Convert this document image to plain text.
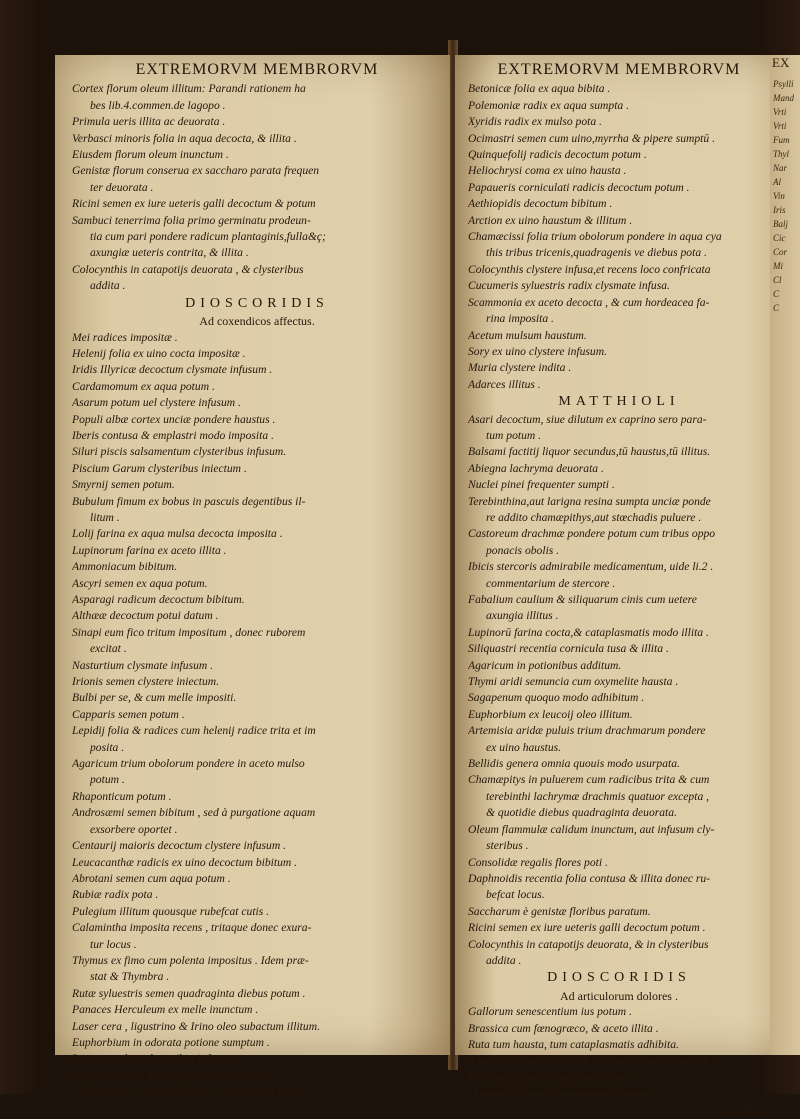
EX
Psylli
Mand
Vrti
Vrti
Fum
Thyl
Nar
Al
Vin
Iris
Balj
Cic
Cor
Mi
Cl
C
C
EXTREMORVM MEMBRORVM
Cortex florum oleum illitum: Parandi rationem ha
bes lib.4.commen.de lagopo .
Primula ueris illita ac deuorata .
Verbasci minoris folia in aqua decocta, & illita .
Eiusdem florum oleum inunctum .
Genistæ florum conserua ex saccharo parata frequen
ter deuorata .
Ricini semen ex iure ueteris galli decoctum & potum
Sambuci tenerrima folia primo germinatu prodeun-
tia cum pari pondere radicum plantaginis,fulla&ç;
axungiæ ueteris contrita, & illita .
Colocynthis in catapotijs deuorata , & clysteribus
addita .
DIOSCORIDIS
Ad coxendicos affectus.
Mei radices impositæ .
Helenij folia ex uino cocta impositæ .
Iridis Illyricæ decoctum clysmate infusum .
Cardamomum ex aqua potum .
Asarum potum uel clystere infusum .
Populi albæ cortex unciæ pondere haustus .
Iberis contusa & emplastri modo imposita .
Siluri piscis salsamentum clysteribus infusum.
Piscium Garum clysteribus iniectum .
Smyrnij semen potum.
Bubulum fimum ex bobus in pascuis degentibus il-
litum .
Lolij farina ex aqua mulsa decocta imposita .
Lupinorum farina ex aceto illita .
Ammoniacum bibitum.
Ascyri semen ex aqua potum.
Asparagi radicum decoctum bibitum.
Althææ decoctum potui datum .
Sinapi eum fico tritum impositum , donec ruborem
excitat .
Nasturtium clysmate infusum .
Irionis semen clystere iniectum.
Bulbi per se, & cum melle impositi.
Capparis semen potum .
Lepidij folia & radices cum helenij radice trita et im
posita .
Agaricum trium obolorum pondere in aceto mulso
potum .
Rhaponticum potum .
Androsæmi semen bibitum , sed à purgatione aquam
exsorbere oportet .
Centaurij maioris decoctum clystere infusum .
Leucacanthæ radicis ex uino decoctum bibitum .
Abrotani semen cum aqua potum .
Rubiæ radix pota .
Pulegium illitum quousque rubefcat cutis .
Calamintha imposita recens , tritaque donec exura-
tur locus .
Thymus ex fimo cum polenta impositus . Idem præ-
stat & Thymbra .
Rutæ syluestris semen quadraginta diebus potum .
Panaces Herculeum ex melle inunctum .
Laser cera , ligustrino & Irino oleo subactum illitum.
Euphorbium in odorata potione sumptum .
Leontopetalum clysteribus infusum .
Hyperici semen quadraginta diebus potum .
Chamæpithyos folia xl.diebus ex dulci aqua bibita .
EXTREMORVM MEMBRORVM
Betonicæ folia ex aqua bibita .
Polemoniæ radix ex aqua sumpta .
Xyridis radix ex mulso pota .
Ocimastri semen cum uino,myrrha & pipere sumptū .
Quinquefolij radicis decoctum potum .
Heliochrysi coma ex uino hausta .
Papaueris corniculati radicis decoctum potum .
Aethiopidis decoctum bibitum .
Arction ex uino haustum & illitum .
Chamæcissi folia trium obolorum pondere in aqua cya
this tribus tricenis,quadragenis ve diebus pota .
Colocynthis clystere infusa,et recens loco confricata
Cucumeris syluestris radix clysmate infusa.
Scammonia ex aceto decocta , & cum hordeacea fa-
rina imposita .
Acetum mulsum haustum.
Sory ex uino clystere infusum.
Muria clystere indita .
Adarces illitus .
MATTHIOLI
Asari decoctum, siue dilutum ex caprino sero para-
tum potum .
Balsami factitij liquor secundus,tū haustus,tū illitus.
Abiegna lachryma deuorata .
Nuclei pinei frequenter sumpti .
Terebinthina,aut larigna resina sumpta unciæ ponde
re addito chamæpithys,aut stœchadis puluere .
Castoreum drachmæ pondere potum cum tribus oppo
ponacis obolis .
Ibicis stercoris admirabile medicamentum, uide li.2 .
commentarium de stercore .
Fabalium caulium & siliquarum cinis cum uetere
axungia illitus .
Lupinorū farina cocta,& cataplasmatis modo illita .
Siliquastri recentia cornicula tusa & illita .
Agaricum in potionibus additum.
Thymi aridi semuncia cum oxymelite hausta .
Sagapenum quoquo modo adhibitum .
Euphorbium ex leucoij oleo illitum.
Artemisia aridæ puluis trium drachmarum pondere
ex uino haustus.
Bellidis genera omnia quouis modo usurpata.
Chamæpitys in puluerem cum radicibus trita & cum
terebinthi lachrymæ drachmis quatuor excepta ,
& quotidie diebus quadraginta deuorata.
Oleum flammulæ calidum inunctum, aut infusum cly-
steribus .
Consolidæ regalis flores poti .
Daphnoidis recentia folia contusa & illita donec ru-
befcat locus.
Saccharum è genistæ floribus paratum.
Ricini semen ex iure ueteris galli decoctum potum .
Colocynthis in catapotijs deuorata, & in clysteribus
addita .
DIOSCORIDIS
Ad articulorum dolores .
Gallorum senescentium ius potum .
Brassica cum fœnogræco, & aceto illita .
Ruta tum hausta, tum cataplasmatis adhibita.
Agaricum drachmæ pondere ex aceto mulso sumptū .
Melissophyllum ex sale impositum .
Quinquefolij radicis decoctum bibitum .
Psyllium
